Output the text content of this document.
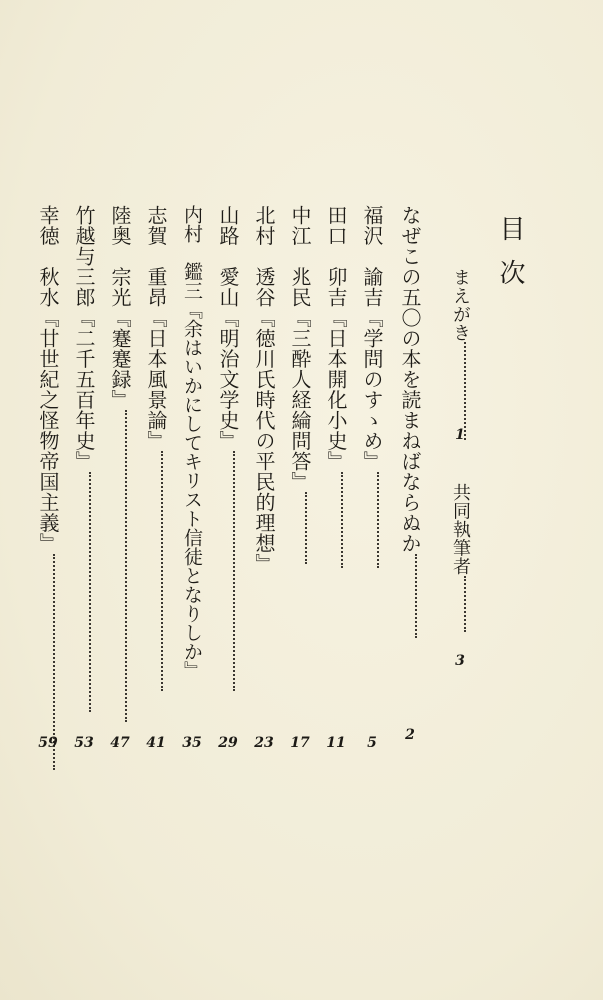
目次
まえがき
1
共同執筆者
3
なぜこの五〇の本を読まねばならぬか
2
福沢　諭吉『学問のすゝめ』
5
田口　卯吉『日本開化小史』
11
中江　兆民『三酔人経綸問答』
17
北村　透谷『徳川氏時代の平民的理想』
23
山路　愛山『明治文学史』
29
内村　鑑三『余はいかにしてキリスト信徒となりしか』
35
志賀　重昂『日本風景論』
41
陸奥　宗光『蹇蹇録』
47
竹越与三郎『二千五百年史』
53
幸徳　秋水『廿世紀之怪物帝国主義』
59
